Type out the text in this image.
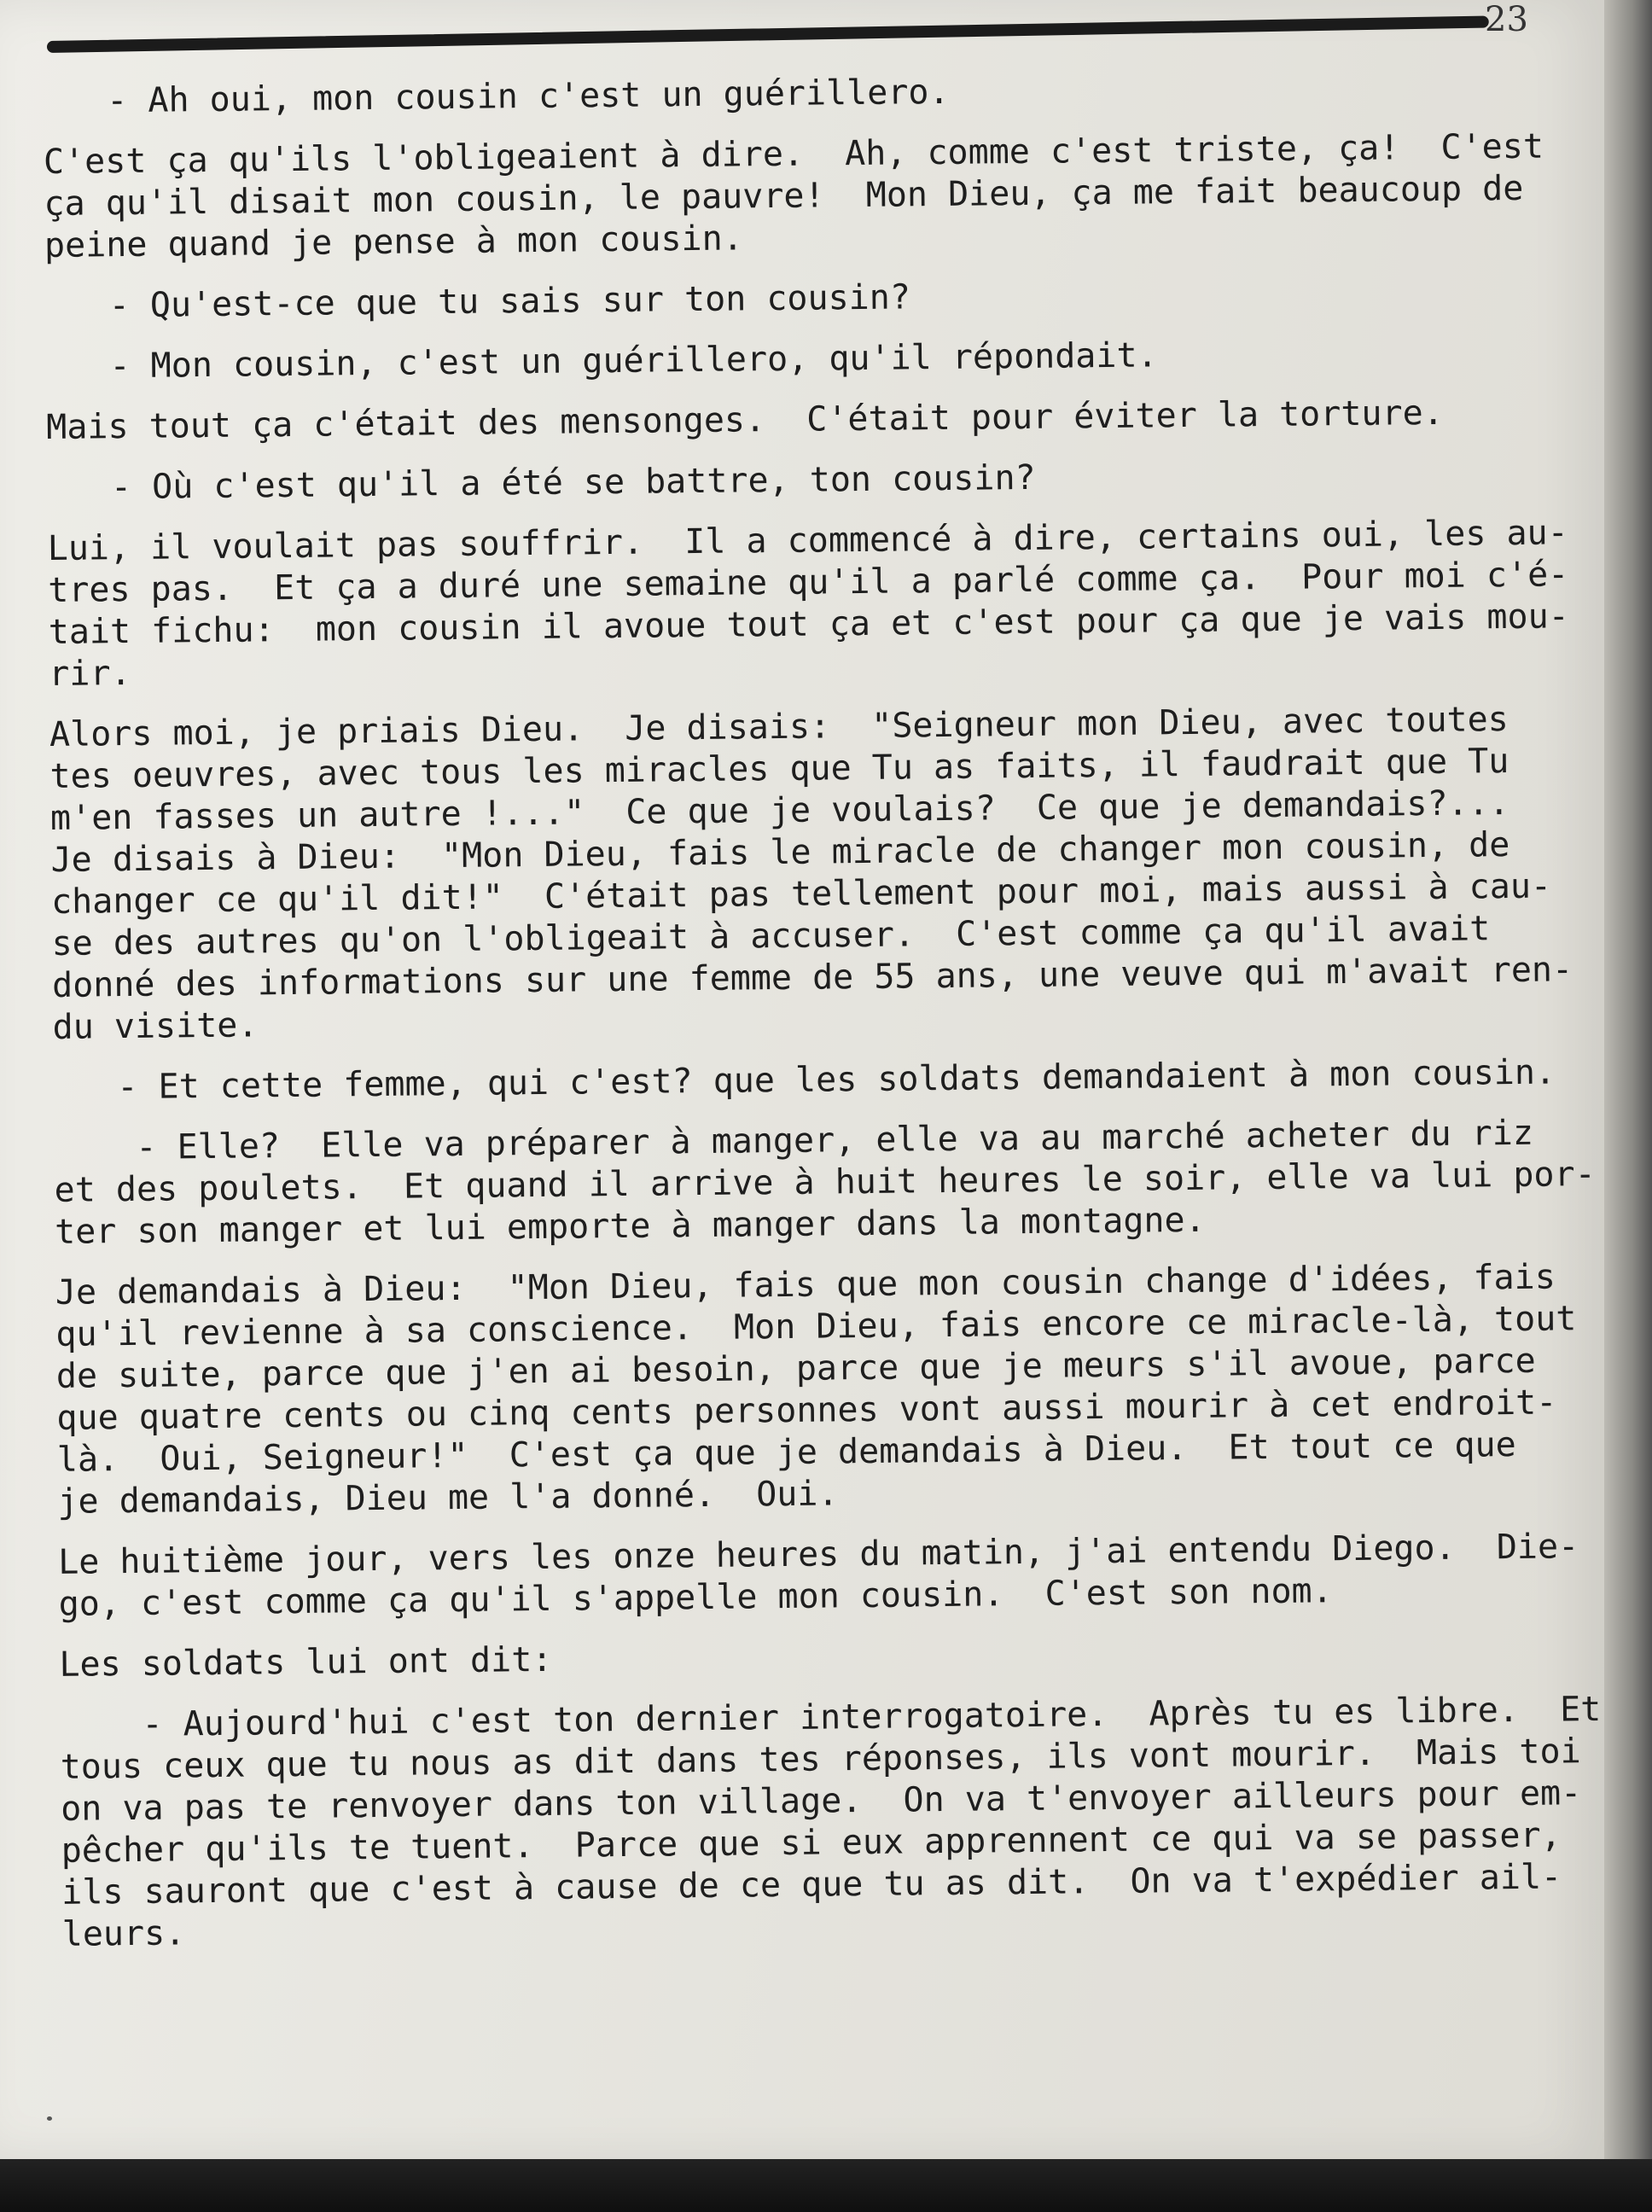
23
- Ah oui, mon cousin c'est un guérillero.
C'est ça qu'ils l'obligeaient à dire.  Ah, comme c'est triste, ça!  C'est
ça qu'il disait mon cousin, le pauvre!  Mon Dieu, ça me fait beaucoup de
peine quand je pense à mon cousin.
- Qu'est-ce que tu sais sur ton cousin?
- Mon cousin, c'est un guérillero, qu'il répondait.
Mais tout ça c'était des mensonges.  C'était pour éviter la torture.
- Où c'est qu'il a été se battre, ton cousin?
Lui, il voulait pas souffrir.  Il a commencé à dire, certains oui, les au-
tres pas.  Et ça a duré une semaine qu'il a parlé comme ça.  Pour moi c'é-
tait fichu:  mon cousin il avoue tout ça et c'est pour ça que je vais mou-
rir.
Alors moi, je priais Dieu.  Je disais:  "Seigneur mon Dieu, avec toutes
tes oeuvres, avec tous les miracles que Tu as faits, il faudrait que Tu
m'en fasses un autre !..."  Ce que je voulais?  Ce que je demandais?...
Je disais à Dieu:  "Mon Dieu, fais le miracle de changer mon cousin, de
changer ce qu'il dit!"  C'était pas tellement pour moi, mais aussi à cau-
se des autres qu'on l'obligeait à accuser.  C'est comme ça qu'il avait
donné des informations sur une femme de 55 ans, une veuve qui m'avait ren-
du visite.
- Et cette femme, qui c'est? que les soldats demandaient à mon cousin.
- Elle?  Elle va préparer à manger, elle va au marché acheter du riz
et des poulets.  Et quand il arrive à huit heures le soir, elle va lui por-
ter son manger et lui emporte à manger dans la montagne.
Je demandais à Dieu:  "Mon Dieu, fais que mon cousin change d'idées, fais
qu'il revienne à sa conscience.  Mon Dieu, fais encore ce miracle-là, tout
de suite, parce que j'en ai besoin, parce que je meurs s'il avoue, parce
que quatre cents ou cinq cents personnes vont aussi mourir à cet endroit-
là.  Oui, Seigneur!"  C'est ça que je demandais à Dieu.  Et tout ce que
je demandais, Dieu me l'a donné.  Oui.
Le huitième jour, vers les onze heures du matin, j'ai entendu Diego.  Die-
go, c'est comme ça qu'il s'appelle mon cousin.  C'est son nom.
Les soldats lui ont dit:
- Aujourd'hui c'est ton dernier interrogatoire.  Après tu es libre.  Et
tous ceux que tu nous as dit dans tes réponses, ils vont mourir.  Mais toi
on va pas te renvoyer dans ton village.  On va t'envoyer ailleurs pour em-
pêcher qu'ils te tuent.  Parce que si eux apprennent ce qui va se passer,
ils sauront que c'est à cause de ce que tu as dit.  On va t'expédier ail-
leurs.
